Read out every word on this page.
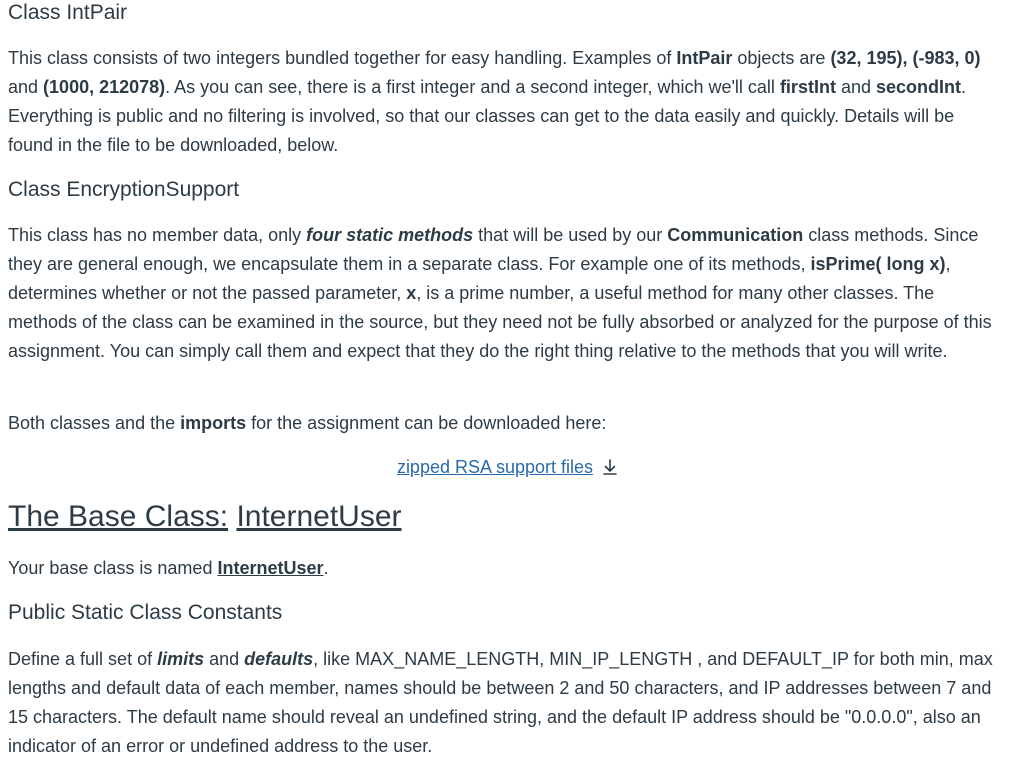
Class IntPair

This class consists of two integers bundled together for easy handling. Examples of IntPair objects are (32, 195), (-983, 0) and (1000, 212078). As you can see, there is a first integer and a second integer, which we'll call firstInt and secondInt. Everything is public and no filtering is involved, so that our classes can get to the data easily and quickly. Details will be found in the file to be downloaded, below.

Class EncryptionSupport

This class has no member data, only four static methods that will be used by our Communication class methods. Since they are general enough, we encapsulate them in a separate class. For example one of its methods, isPrime( long x), determines whether or not the passed parameter, x, is a prime number, a useful method for many other classes. The methods of the class can be examined in the source, but they need not be fully absorbed or analyzed for the purpose of this assignment. You can simply call them and expect that they do the right thing relative to the methods that you will write.

Both classes and the imports for the assignment can be downloaded here:

zipped RSA support files

The Base Class: InternetUser

Your base class is named InternetUser.

Public Static Class Constants

Define a full set of limits and defaults, like MAX_NAME_LENGTH, MIN_IP_LENGTH , and DEFAULT_IP for both min, max lengths and default data of each member, names should be between 2 and 50 characters, and IP addresses between 7 and 15 characters. The default name should reveal an undefined string, and the default IP address should be "0.0.0.0", also an indicator of an error or undefined address to the user.
